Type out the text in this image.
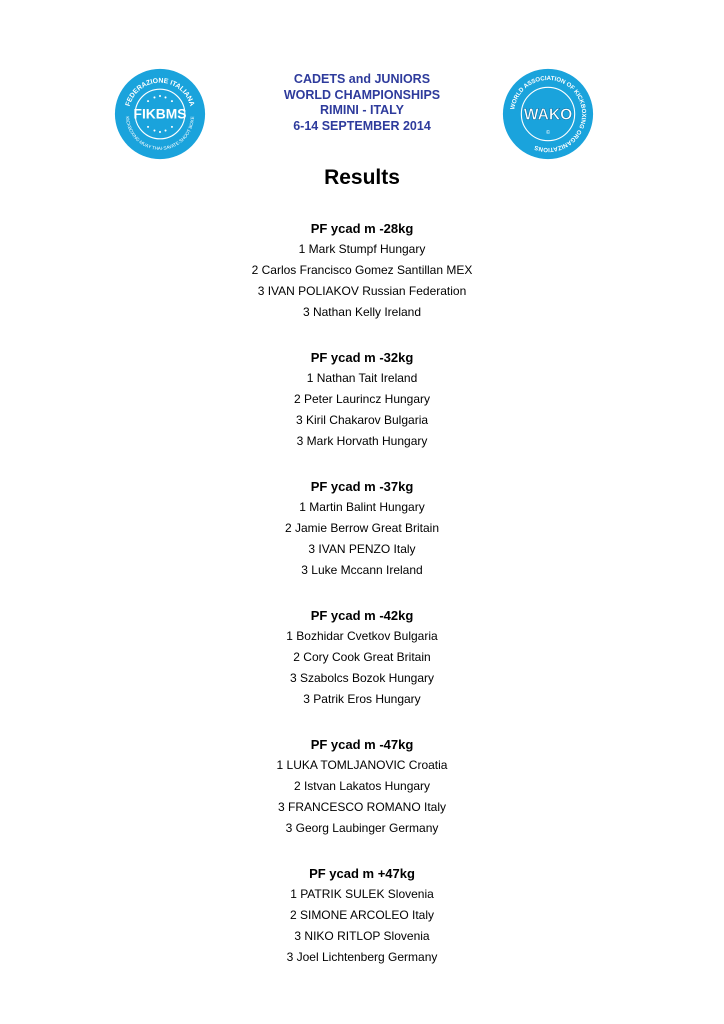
FEDERAZIONE ITALIANA
KICKBOXING·MUAY THAI·SAVATE·SHOOT BOXE
FIKBMS
CADETS and JUNIORS
WORLD CHAMPIONSHIPS
RIMINI - ITALY
6-14 SEPTEMBER 2014
WORLD ASSOCIATION OF KICKBOXING ORGANIZATIONS
WAKO
©
Results
PF ycad m -28kg
1 Mark Stumpf Hungary
2 Carlos Francisco Gomez Santillan MEX
3 IVAN POLIAKOV Russian Federation
3 Nathan Kelly Ireland
PF ycad m -32kg
1 Nathan Tait Ireland
2 Peter Laurincz Hungary
3 Kiril Chakarov Bulgaria
3 Mark Horvath Hungary
PF ycad m -37kg
1 Martin Balint Hungary
2 Jamie Berrow Great Britain
3 IVAN PENZO Italy
3 Luke Mccann Ireland
PF ycad m -42kg
1 Bozhidar Cvetkov Bulgaria
2 Cory Cook Great Britain
3 Szabolcs Bozok Hungary
3 Patrik Eros Hungary
PF ycad m -47kg
1 LUKA TOMLJANOVIC Croatia
2 Istvan Lakatos Hungary
3 FRANCESCO ROMANO Italy
3 Georg Laubinger Germany
PF ycad m +47kg
1 PATRIK SULEK Slovenia
2 SIMONE ARCOLEO Italy
3 NIKO RITLOP Slovenia
3 Joel Lichtenberg Germany
